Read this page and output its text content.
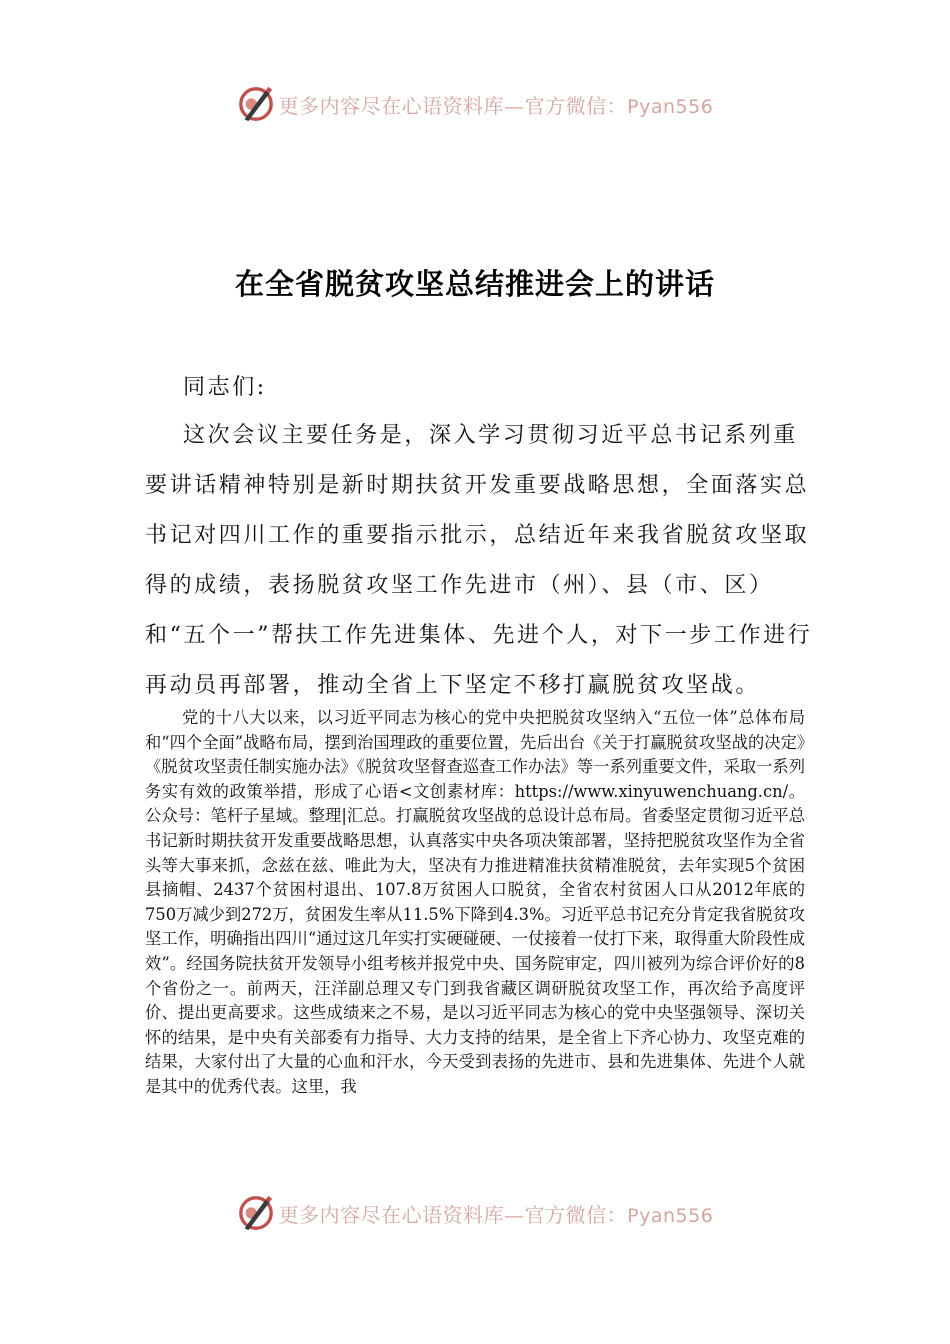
更多内容尽在心语资料库—官方微信：Pyan556
在全省脱贫攻坚总结推进会上的讲话
同志们:
这次会议主要任务是，深入学习贯彻习近平总书记系列重要讲话精神特别是新时期扶贫开发重要战略思想，全面落实总书记对四川工作的重要指示批示，总结近年来我省脱贫攻坚取得的成绩，表扬脱贫攻坚工作先进市（州）、县（市、区）和“五个一”帮扶工作先进集体、先进个人，对下一步工作进行再动员再部署，推动全省上下坚定不移打赢脱贫攻坚战。
党的十八大以来，以习近平同志为核心的党中央把脱贫攻坚纳入“五位一体”总体布局和“四个全面”战略布局，摆到治国理政的重要位置，先后出台《关于打赢脱贫攻坚战的决定》《脱贫攻坚责任制实施办法》《脱贫攻坚督查巡查工作办法》等一系列重要文件，采取一系列务实有效的政策举措，形成了心语<文创素材库：https://www.xinyuwenchuang.cn/。公众号：笔杆子星域。整理|汇总。打赢脱贫攻坚战的总设计总布局。省委坚定贯彻习近平总书记新时期扶贫开发重要战略思想，认真落实中央各项决策部署，坚持把脱贫攻坚作为全省头等大事来抓，念兹在兹、唯此为大，坚决有力推进精准扶贫精准脱贫，去年实现5个贫困县摘帽、2437个贫困村退出、107.8万贫困人口脱贫，全省农村贫困人口从2012年底的750万减少到272万，贫困发生率从11.5%下降到4.3%。习近平总书记充分肯定我省脱贫攻坚工作，明确指出四川“通过这几年实打实硬碰硬、一仗接着一仗打下来，取得重大阶段性成效”。经国务院扶贫开发领导小组考核并报党中央、国务院审定，四川被列为综合评价好的8个省份之一。前两天，汪洋副总理又专门到我省藏区调研脱贫攻坚工作，再次给予高度评价、提出更高要求。这些成绩来之不易，是以习近平同志为核心的党中央坚强领导、深切关怀的结果，是中央有关部委有力指导、大力支持的结果，是全省上下齐心协力、攻坚克难的结果，大家付出了大量的心血和汗水，今天受到表扬的先进市、县和先进集体、先进个人就是其中的优秀代表。这里，我
更多内容尽在心语资料库—官方微信：Pyan556
